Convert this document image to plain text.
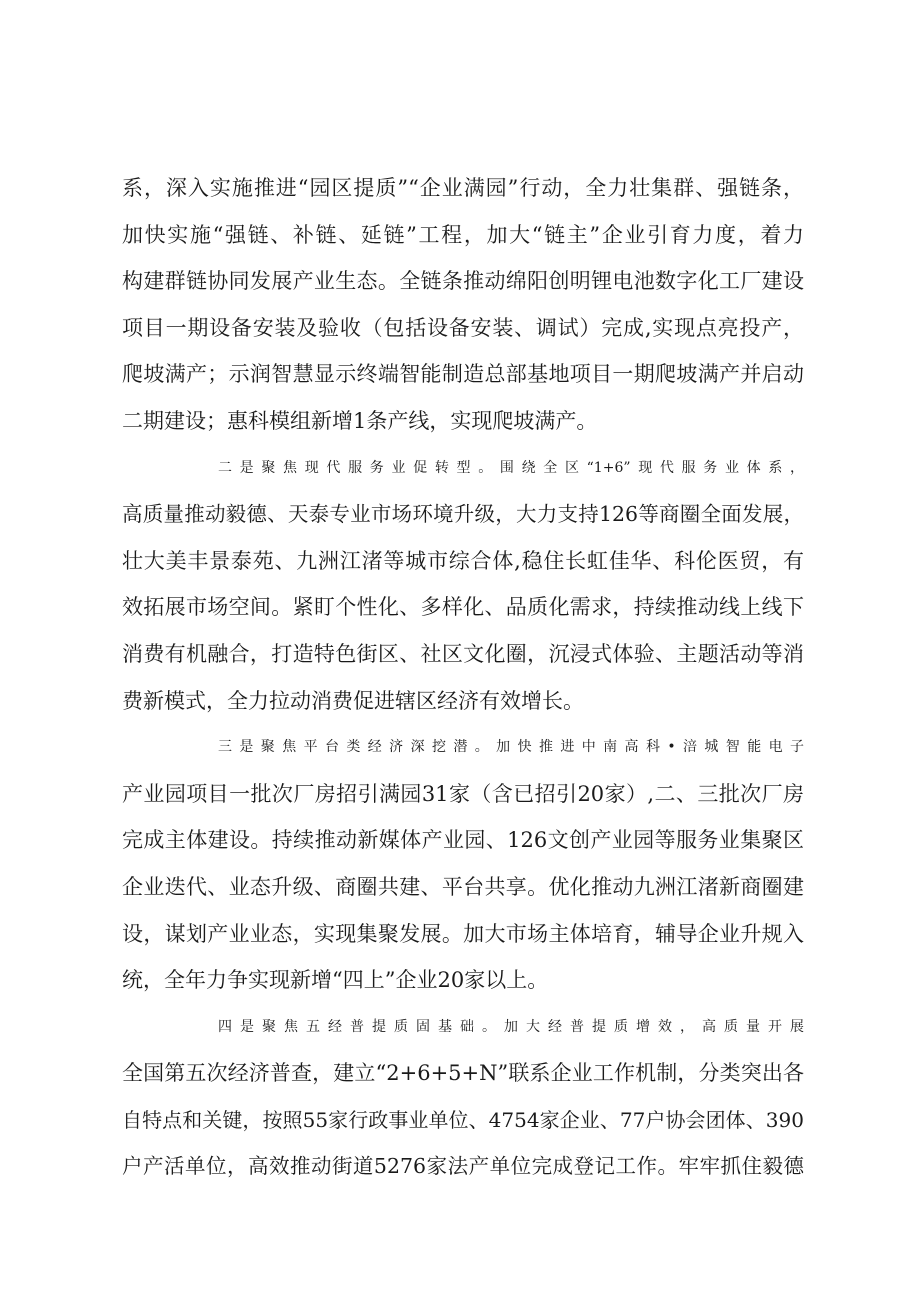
系，深入实施推进“园区提质”“企业满园”行动，全力壮集群、强链条，
加快实施“强链、补链、延链”工程，加大“链主”企业引育力度，着力
构建群链协同发展产业生态。全链条推动绵阳创明锂电池数字化工厂建设
项目一期设备安装及验收（包括设备安装、调试）完成,实现点亮投产，
爬坡满产；示润智慧显示终端智能制造总部基地项目一期爬坡满产并启动
二期建设；惠科模组新增1条产线，实现爬坡满产。
二是聚焦现代服务业促转型。围绕全区“1+6”现代服务业体系，
高质量推动毅德、天泰专业市场环境升级，大力支持126等商圈全面发展，
壮大美丰景泰苑、九洲江渚等城市综合体,稳住长虹佳华、科伦医贸，有
效拓展市场空间。紧盯个性化、多样化、品质化需求，持续推动线上线下
消费有机融合，打造特色街区、社区文化圈，沉浸式体验、主题活动等消
费新模式，全力拉动消费促进辖区经济有效增长。
三是聚焦平台类经济深挖潜。加快推进中南高科•涪城智能电子
产业园项目一批次厂房招引满园31家（含已招引20家）,二、三批次厂房
完成主体建设。持续推动新媒体产业园、126文创产业园等服务业集聚区
企业迭代、业态升级、商圈共建、平台共享。优化推动九洲江渚新商圈建
设，谋划产业业态，实现集聚发展。加大市场主体培育，辅导企业升规入
统，全年力争实现新增“四上”企业20家以上。
四是聚焦五经普提质固基础。加大经普提质增效，高质量开展
全国第五次经济普查，建立“2+6+5+N”联系企业工作机制，分类突出各
自特点和关键，按照55家行政事业单位、4754家企业、77户协会团体、390
户产活单位，高效推动街道5276家法产单位完成登记工作。牢牢抓住毅德
